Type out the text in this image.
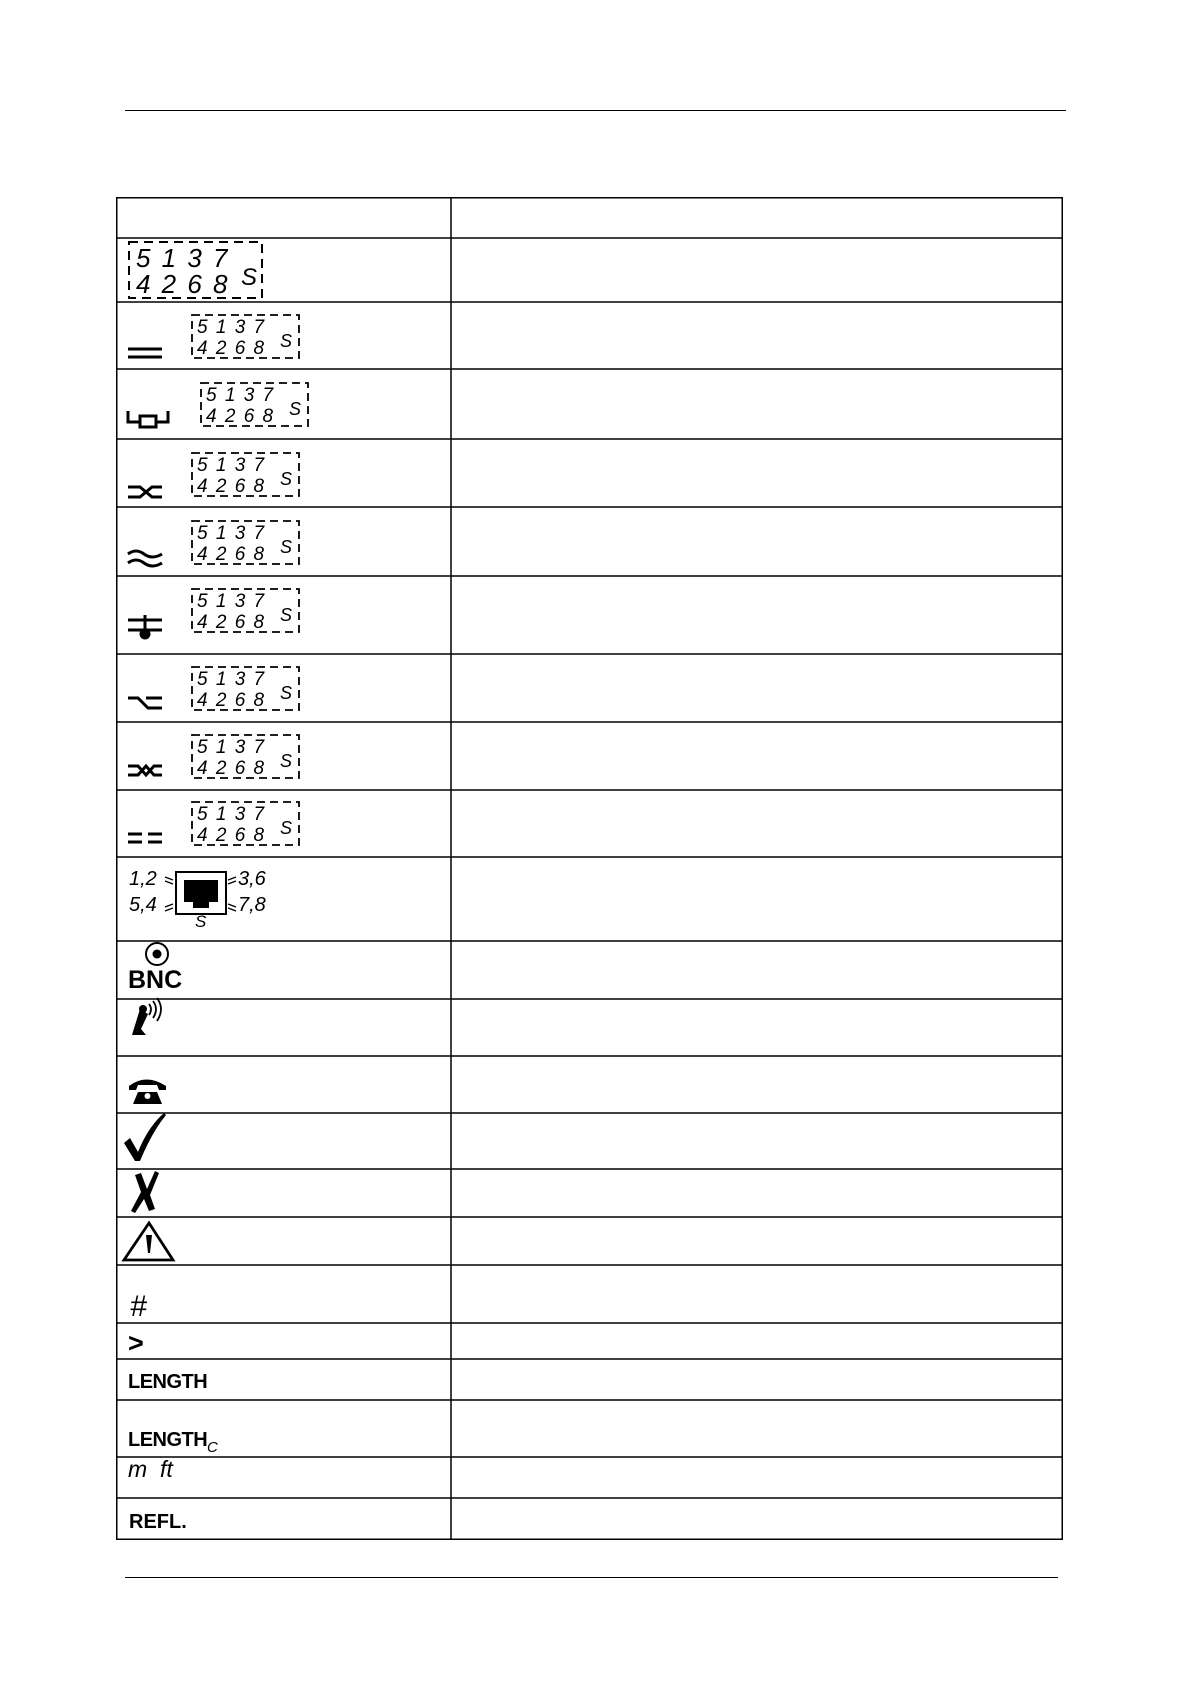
5 1 3 7
4 2 6 8 S
5 1 3 7
4 2 6 8 S
5 1 3 7
4 2 6 8 S
5 1 3 7
4 2 6 8 S
5 1 3 7
4 2 6 8 S
5 1 3 7
4 2 6 8 S
5 1 3 7
4 2 6 8 S
5 1 3 7
4 2 6 8 S
5 1 3 7
4 2 6 8 S
1,2
5,4
3,6
7,8
S
BNC
#
>
LENGTH
LENGTH C
m  ft
REFL.
